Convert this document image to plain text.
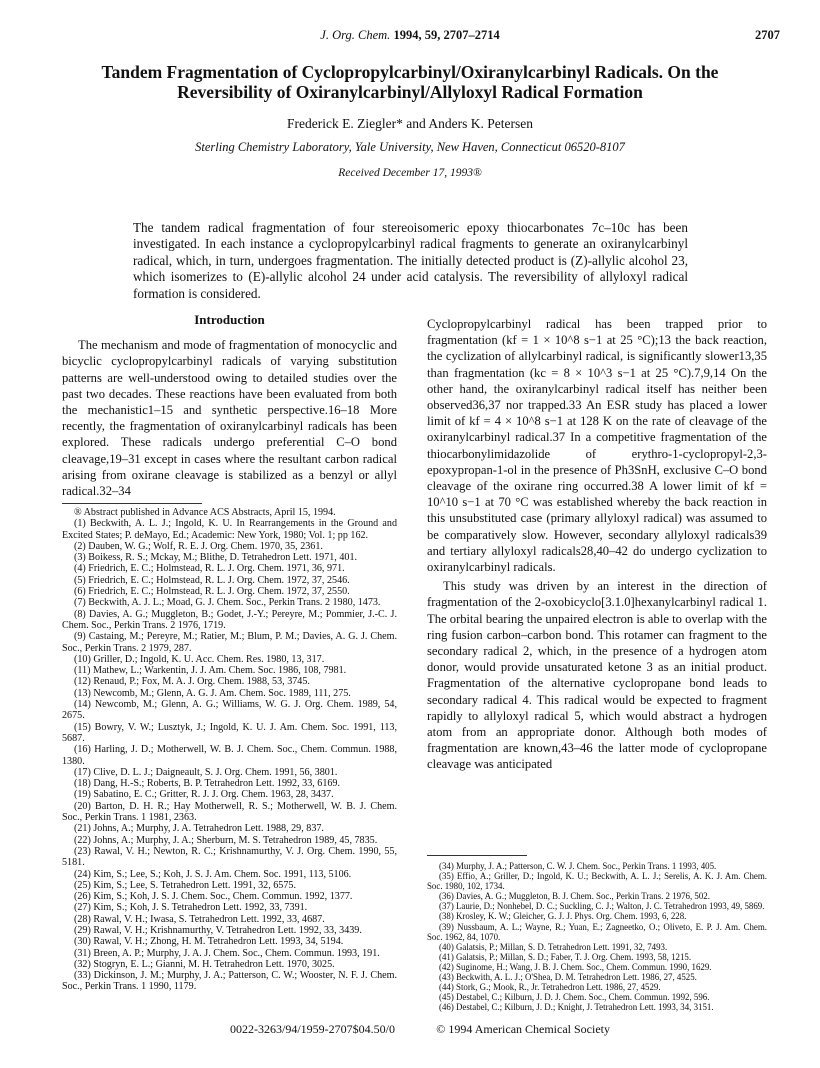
J. Org. Chem. 1994, 59, 2707–2714	2707
Tandem Fragmentation of Cyclopropylcarbinyl/Oxiranylcarbinyl Radicals. On the Reversibility of Oxiranylcarbinyl/Allyloxyl Radical Formation
Frederick E. Ziegler* and Anders K. Petersen
Sterling Chemistry Laboratory, Yale University, New Haven, Connecticut 06520-8107
Received December 17, 1993®
The tandem radical fragmentation of four stereoisomeric epoxy thiocarbonates 7c–10c has been investigated. In each instance a cyclopropylcarbinyl radical fragments to generate an oxiranylcarbinyl radical, which, in turn, undergoes fragmentation. The initially detected product is (Z)-allylic alcohol 23, which isomerizes to (E)-allylic alcohol 24 under acid catalysis. The reversibility of allyloxyl radical formation is considered.
Introduction

The mechanism and mode of fragmentation of monocyclic and bicyclic cyclopropylcarbinyl radicals of varying substitution patterns are well-understood owing to detailed studies over the past two decades. These reactions have been evaluated from both the mechanistic1–15 and synthetic perspective.16–18 More recently, the fragmentation of oxiranylcarbinyl radicals has been explored. These radicals undergo preferential C–O bond cleavage,19–31 except in cases where the resultant carbon radical arising from oxirane cleavage is stabilized as a benzyl or allyl radical.32–34

® Abstract published in Advance ACS Abstracts, April 15, 1994.

(1) Beckwith, A. L. J.; Ingold, K. U. In Rearrangements in the Ground and Excited States; P. deMayo, Ed.; Academic: New York, 1980; Vol. 1; pp 162.

(2) Dauben, W. G.; Wolf, R. E. J. Org. Chem. 1970, 35, 2361.

(3) Boikess, R. S.; Mckay, M.; Blithe, D. Tetrahedron Lett. 1971, 401.

(4) Friedrich, E. C.; Holmstead, R. L. J. Org. Chem. 1971, 36, 971.

(5) Friedrich, E. C.; Holmstead, R. L. J. Org. Chem. 1972, 37, 2546.

(6) Friedrich, E. C.; Holmstead, R. L. J. Org. Chem. 1972, 37, 2550.

(7) Beckwith, A. J. L.; Moad, G. J. Chem. Soc., Perkin Trans. 2 1980, 1473.

(8) Davies, A. G.; Muggleton, B.; Godet, J.-Y.; Pereyre, M.; Pommier, J.-C. J. Chem. Soc., Perkin Trans. 2 1976, 1719.

(9) Castaing, M.; Pereyre, M.; Ratier, M.; Blum, P. M.; Davies, A. G. J. Chem. Soc., Perkin Trans. 2 1979, 287.

(10) Griller, D.; Ingold, K. U. Acc. Chem. Res. 1980, 13, 317.

(11) Mathew, L.; Warkentin, J. J. Am. Chem. Soc. 1986, 108, 7981.

(12) Renaud, P.; Fox, M. A. J. Org. Chem. 1988, 53, 3745.

(13) Newcomb, M.; Glenn, A. G. J. Am. Chem. Soc. 1989, 111, 275.

(14) Newcomb, M.; Glenn, A. G.; Williams, W. G. J. Org. Chem. 1989, 54, 2675.

(15) Bowry, V. W.; Lusztyk, J.; Ingold, K. U. J. Am. Chem. Soc. 1991, 113, 5687.

(16) Harling, J. D.; Motherwell, W. B. J. Chem. Soc., Chem. Commun. 1988, 1380.

(17) Clive, D. L. J.; Daigneault, S. J. Org. Chem. 1991, 56, 3801.

(18) Dang, H.-S.; Roberts, B. P. Tetrahedron Lett. 1992, 33, 6169.

(19) Sabatino, E. C.; Gritter, R. J. J. Org. Chem. 1963, 28, 3437.

(20) Barton, D. H. R.; Hay Motherwell, R. S.; Motherwell, W. B. J. Chem. Soc., Perkin Trans. 1 1981, 2363.

(21) Johns, A.; Murphy, J. A. Tetrahedron Lett. 1988, 29, 837.

(22) Johns, A.; Murphy, J. A.; Sherburn, M. S. Tetrahedron 1989, 45, 7835.

(23) Rawal, V. H.; Newton, R. C.; Krishnamurthy, V. J. Org. Chem. 1990, 55, 5181.

(24) Kim, S.; Lee, S.; Koh, J. S. J. Am. Chem. Soc. 1991, 113, 5106.

(25) Kim, S.; Lee, S. Tetrahedron Lett. 1991, 32, 6575.

(26) Kim, S.; Koh, J. S. J. Chem. Soc., Chem. Commun. 1992, 1377.

(27) Kim, S.; Koh, J. S. Tetrahedron Lett. 1992, 33, 7391.

(28) Rawal, V. H.; Iwasa, S. Tetrahedron Lett. 1992, 33, 4687.

(29) Rawal, V. H.; Krishnamurthy, V. Tetrahedron Lett. 1992, 33, 3439.

(30) Rawal, V. H.; Zhong, H. M. Tetrahedron Lett. 1993, 34, 5194.

(31) Breen, A. P.; Murphy, J. A. J. Chem. Soc., Chem. Commun. 1993, 191.

(32) Stogryn, E. L.; Gianni, M. H. Tetrahedron Lett. 1970, 3025.

(33) Dickinson, J. M.; Murphy, J. A.; Patterson, C. W.; Wooster, N. F. J. Chem. Soc., Perkin Trans. 1 1990, 1179.

Cyclopropylcarbinyl radical has been trapped prior to fragmentation (kf = 1 × 10^8 s−1 at 25 °C);13 the back reaction, the cyclization of allylcarbinyl radical, is significantly slower13,35 than fragmentation (kc = 8 × 10^3 s−1 at 25 °C).7,9,14 On the other hand, the oxiranylcarbinyl radical itself has neither been observed36,37 nor trapped.33 An ESR study has placed a lower limit of kf = 4 × 10^8 s−1 at 128 K on the rate of cleavage of the oxiranylcarbinyl radical.37 In a competitive fragmentation of the thiocarbonylimidazolide of erythro-1-cyclopropyl-2,3-epoxypropan-1-ol in the presence of Ph3SnH, exclusive C–O bond cleavage of the oxirane ring occurred.38 A lower limit of kf = 10^10 s−1 at 70 °C was established whereby the back reaction in this unsubstituted case (primary allyloxyl radical) was assumed to be comparatively slow. However, secondary allyloxyl radicals39 and tertiary allyloxyl radicals28,40–42 do undergo cyclization to oxiranylcarbinyl radicals.

This study was driven by an interest in the direction of fragmentation of the 2-oxobicyclo[3.1.0]hexanylcarbinyl radical 1. The orbital bearing the unpaired electron is able to overlap with the ring fusion carbon–carbon bond. This rotamer can fragment to the secondary radical 2, which, in the presence of a hydrogen atom donor, would provide unsaturated ketone 3 as an initial product. Fragmentation of the alternative cyclopropane bond leads to secondary radical 4. This radical would be expected to fragment rapidly to allyloxyl radical 5, which would abstract a hydrogen atom from an appropriate donor. Although both modes of fragmentation are known,43–46 the latter mode of cyclopropane cleavage was anticipated

(34) Murphy, J. A.; Patterson, C. W. J. Chem. Soc., Perkin Trans. 1 1993, 405.

(35) Effio, A.; Griller, D.; Ingold, K. U.; Beckwith, A. L. J.; Serelis, A. K. J. Am. Chem. Soc. 1980, 102, 1734.

(36) Davies, A. G.; Muggleton, B. J. Chem. Soc., Perkin Trans. 2 1976, 502.

(37) Laurie, D.; Nonhebel, D. C.; Suckling, C. J.; Walton, J. C. Tetrahedron 1993, 49, 5869.

(38) Krosley, K. W.; Gleicher, G. J. J. Phys. Org. Chem. 1993, 6, 228.

(39) Nussbaum, A. L.; Wayne, R.; Yuan, E.; Zagneetko, O.; Oliveto, E. P. J. Am. Chem. Soc. 1962, 84, 1070.

(40) Galatsis, P.; Millan, S. D. Tetrahedron Lett. 1991, 32, 7493.

(41) Galatsis, P.; Millan, S. D.; Faber, T. J. Org. Chem. 1993, 58, 1215.

(42) Suginome, H.; Wang, J. B. J. Chem. Soc., Chem. Commun. 1990, 1629.

(43) Beckwith, A. L. J.; O'Shea, D. M. Tetrahedron Lett. 1986, 27, 4525.

(44) Stork, G.; Mook, R., Jr. Tetrahedron Lett. 1986, 27, 4529.

(45) Destabel, C.; Kilburn, J. D. J. Chem. Soc., Chem. Commun. 1992, 596.

(46) Destabel, C.; Kilburn, J. D.; Knight, J. Tetrahedron Lett. 1993, 34, 3151.

0022-3263/94/1959-2707$04.50/0	© 1994 American Chemical Society
